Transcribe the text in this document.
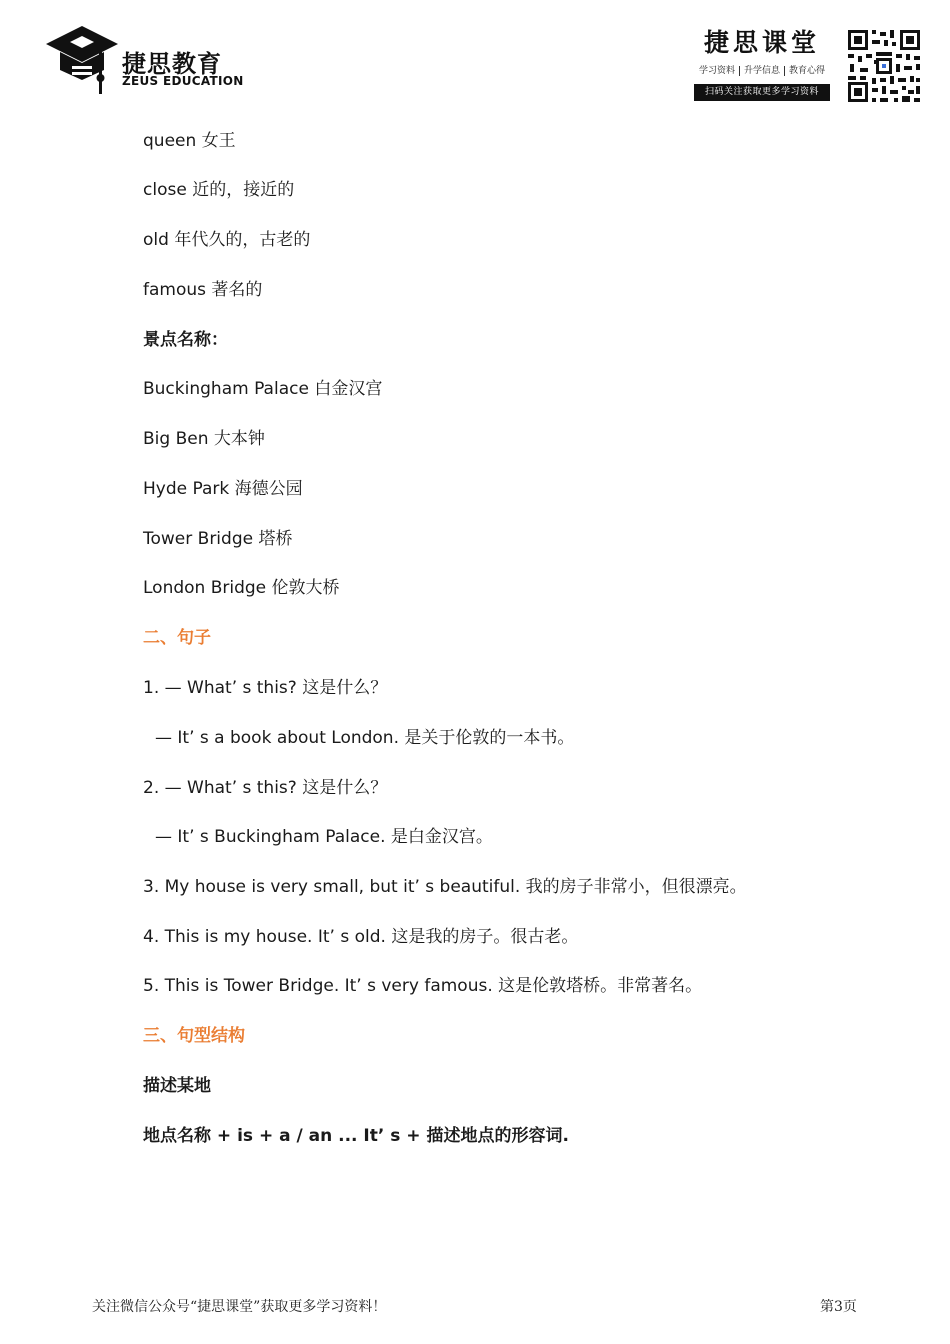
捷思教育
ZEUS EDUCATION
捷思课堂
学习资料 升学信息 教育心得
扫码关注获取更多学习资料
queen 女王
close 近的，接近的
old 年代久的，古老的
famous 著名的
景点名称：
Buckingham Palace 白金汉宫
Big Ben 大本钟
Hyde Park 海德公园
Tower Bridge 塔桥
London Bridge 伦敦大桥
二、句子
1. — What’ s this? 这是什么？
— It’ s a book about London. 是关于伦敦的一本书。
2. — What’ s this? 这是什么？
— It’ s Buckingham Palace. 是白金汉宫。
3. My house is very small, but it’ s beautiful. 我的房子非常小，但很漂亮。
4. This is my house. It’ s old. 这是我的房子。很古老。
5. This is Tower Bridge. It’ s very famous. 这是伦敦塔桥。非常著名。
三、句型结构
描述某地
地点名称 + is + a / an ... It’ s + 描述地点的形容词.
关注微信公众号“捷思课堂”获取更多学习资料！	第3页
